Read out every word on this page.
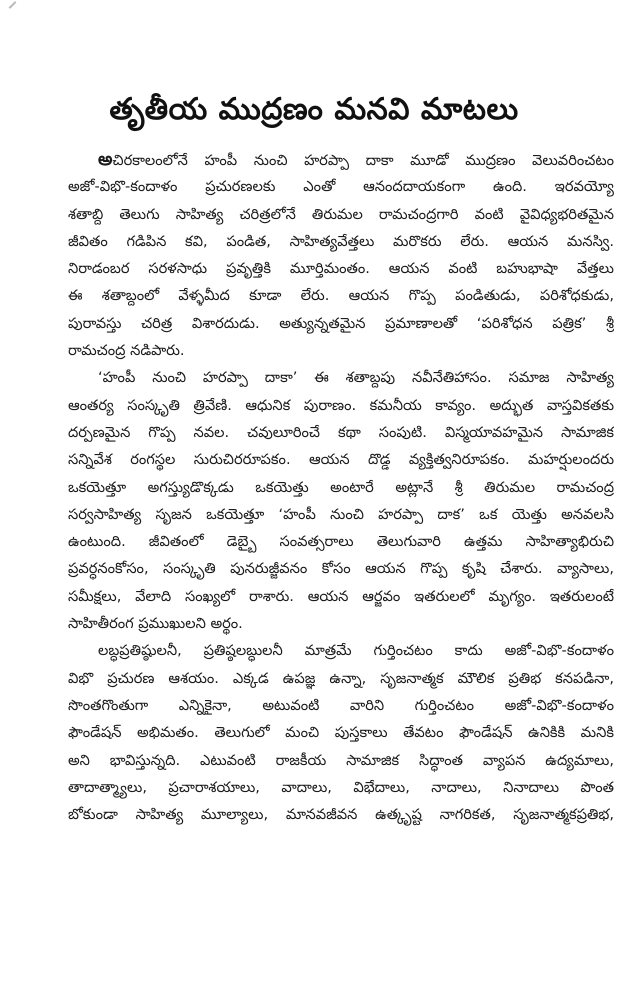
తృతీయ ముద్రణం మనవి మాటలు
అచిరకాలంలోనే హంపీ నుంచి హరప్పా దాకా మూడో ముద్రణం వెలువరించటం
అజో-విభొ-కందాళం ప్రచురణలకు ఎంతో ఆనందదాయకంగా ఉంది. ఇరవయ్యో
శతాబ్ది తెలుగు సాహిత్య చరిత్రలోనే తిరుమల రామచంద్రగారి వంటి వైవిధ్యభరితమైన
జీవితం గడిపిన కవి, పండిత, సాహిత్యవేత్తలు మరొకరు లేరు. ఆయన మనస్వి.
నిరాడంబర సరళసాధు ప్రవృత్తికి మూర్తిమంతం. ఆయన వంటి బహుభాషా వేత్తలు
ఈ శతాబ్దంలో వేళ్ళమీద కూడా లేరు. ఆయన గొప్ప పండితుడు, పరిశోధకుడు,
పురావస్తు చరిత్ర విశారదుడు. అత్యున్నతమైన ప్రమాణాలతో ‘పరిశోధన పత్రిక’ శ్రీ
రామచంద్ర నడిపారు.
‘హంపీ నుంచి హరప్పా దాకా’ ఈ శతాబ్దపు నవీనేతిహాసం. సమాజ సాహిత్య
ఆంతర్య సంస్కృతి త్రివేణి. ఆధునిక పురాణం. కమనీయ కావ్యం. అద్భుత వాస్తవికతకు
దర్పణమైన గొప్ప నవల. చవులూరించే కథా సంపుటి. విస్మయావహమైన సామాజిక
సన్నివేశ రంగస్థల సురుచిరరూపకం. ఆయన దొడ్డ వ్యక్తిత్వనిరూపకం. మహర్షులందరు
ఒకయెత్తూ అగస్త్యుడొక్కడు ఒకయెత్తు అంటారే అట్లానే శ్రీ తిరుమల రామచంద్ర
సర్వసాహిత్య సృజన ఒకయెత్తూ ‘హంపీ నుంచి హరప్పా దాక’ ఒక యెత్తు అనవలసి
ఉంటుంది. జీవితంలో డెబ్బై సంవత్సరాలు తెలుగువారి ఉత్తమ సాహిత్యాభిరుచి
ప్రవర్ధనంకోసం, సంస్కృతి పునరుజ్జీవనం కోసం ఆయన గొప్ప కృషి చేశారు. వ్యాసాలు,
సమీక్షలు, వేలాది సంఖ్యలో రాశారు. ఆయన ఆర్జవం ఇతరులలో మృగ్యం. ఇతరులంటే
సాహితీరంగ ప్రముఖులని అర్థం.
లబ్ధప్రతిష్ఠులనీ, ప్రతిష్ఠలబ్ధులనీ మాత్రమే గుర్తించటం కాదు అజో-విభొ-కందాళం
విభొ ప్రచురణ ఆశయం. ఎక్కడ ఉపజ్ఞ ఉన్నా, సృజనాత్మక మౌలిక ప్రతిభ కనపడినా,
సొంతగొంతుగా ఎన్నికైనా, అటువంటి వారిని గుర్తించటం అజో-విభొ-కందాళం
ఫౌండేషన్ అభిమతం. తెలుగులో మంచి పుస్తకాలు తేవటం ఫౌండేషన్ ఉనికికి మనికి
అని భావిస్తున్నది. ఎటువంటి రాజకీయ సామాజిక సిద్ధాంత వ్యాపన ఉద్యమాలు,
తాదాత్మ్యాలు, ప్రచారాశయాలు, వాదాలు, విభేదాలు, నాదాలు, నినాదాలు పొంత
బోకుండా సాహిత్య మూల్యాలు, మానవజీవన ఉత్కృష్ట నాగరికత, సృజనాత్మకప్రతిభ,
